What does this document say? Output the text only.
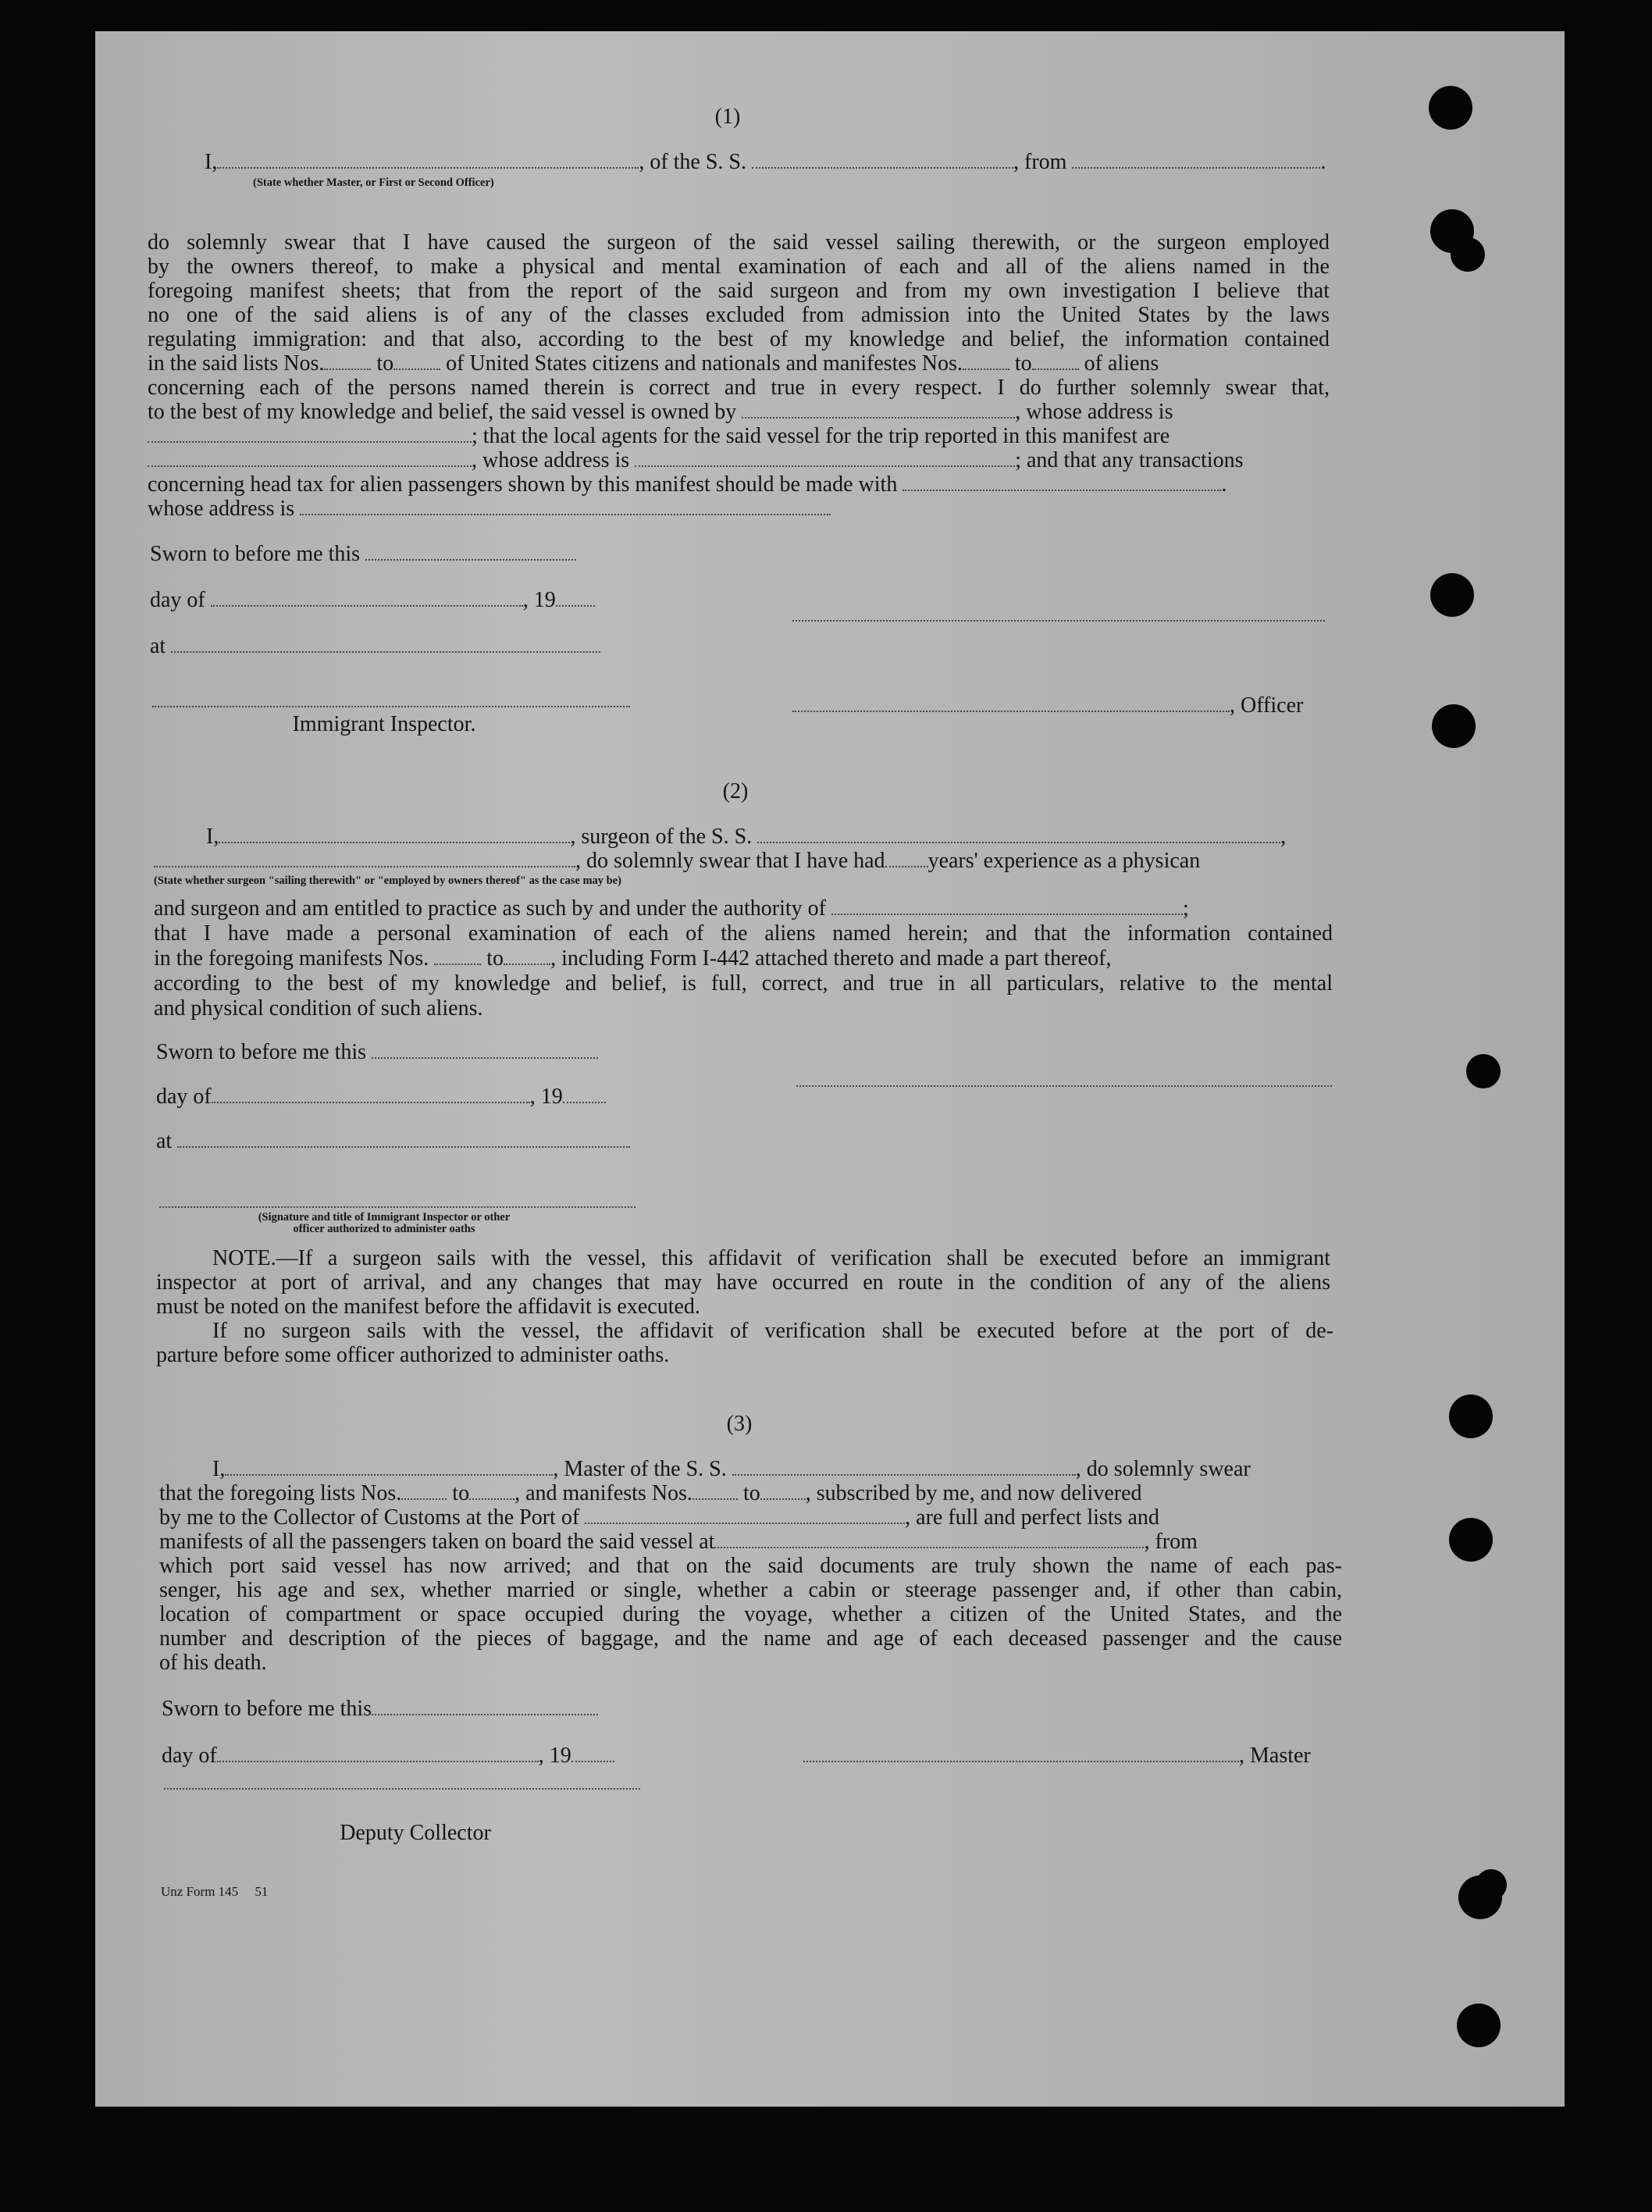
(1)
I,	, of the S. S.	, from	.
(State whether Master, or First or Second Officer)
do solemnly swear that I have caused the surgeon of the said vessel sailing therewith, or the surgeon employed
by the owners thereof, to make a physical and mental examination of each and all of the aliens named in the
foregoing manifest sheets; that from the report of the said surgeon and from my own investigation I believe that
no one of the said aliens is of any of the classes excluded from admission into the United States by the laws
regulating immigration: and that also, according to the best of my knowledge and belief, the information contained
in the said lists Nos. to of United States citizens and nationals and manifestes Nos. to of aliens
concerning each of the persons named therein is correct and true in every respect. I do further solemnly swear that,
to the best of my knowledge and belief, the said vessel is owned by	, whose address is
; that the local agents for the said vessel for the trip reported in this manifest are
, whose address is	; and that any transactions
concerning head tax for alien passengers shown by this manifest should be made with	.
whose address is
Sworn to before me this
day of	, 19
at
, Officer
Immigrant Inspector.
(2)
I,	, surgeon of the S. S.	,
, do solemnly swear that I have had years' experience as a physican
(State whether surgeon "sailing therewith" or "employed by owners thereof" as the case may be)
and surgeon and am entitled to practice as such by and under the authority of	;
that I have made a personal examination of each of the aliens named herein; and that the information contained
in the foregoing manifests Nos.	to , including Form I-442 attached thereto and made a part thereof,
according to the best of my knowledge and belief, is full, correct, and true in all particulars, relative to the mental
and physical condition of such aliens.
Sworn to before me this
day of	, 19
at
(Signature and title of Immigrant Inspector or other
officer authorized to administer oaths
NOTE.—If a surgeon sails with the vessel, this affidavit of verification shall be executed before an immigrant
inspector at port of arrival, and any changes that may have occurred en route in the condition of any of the aliens
must be noted on the manifest before the affidavit is executed.
If no surgeon sails with the vessel, the affidavit of verification shall be executed before at the port of de-
parture before some officer authorized to administer oaths.
(3)
I,	, Master of the S. S.	, do solemnly swear
that the foregoing lists Nos. to , and manifests Nos. to , subscribed by me, and now delivered
by me to the Collector of Customs at the Port of	, are full and perfect lists and
manifests of all the passengers taken on board the said vessel at	, from
which port said vessel has now arrived; and that on the said documents are truly shown the name of each pas-
senger, his age and sex, whether married or single, whether a cabin or steerage passenger and, if other than cabin,
location of compartment or space occupied during the voyage, whether a citizen of the United States, and the
number and description of the pieces of baggage, and the name and age of each deceased passenger and the cause
of his death.
Sworn to before me this
day of	, 19	, Master
Deputy Collector
Unz Form 145 51
